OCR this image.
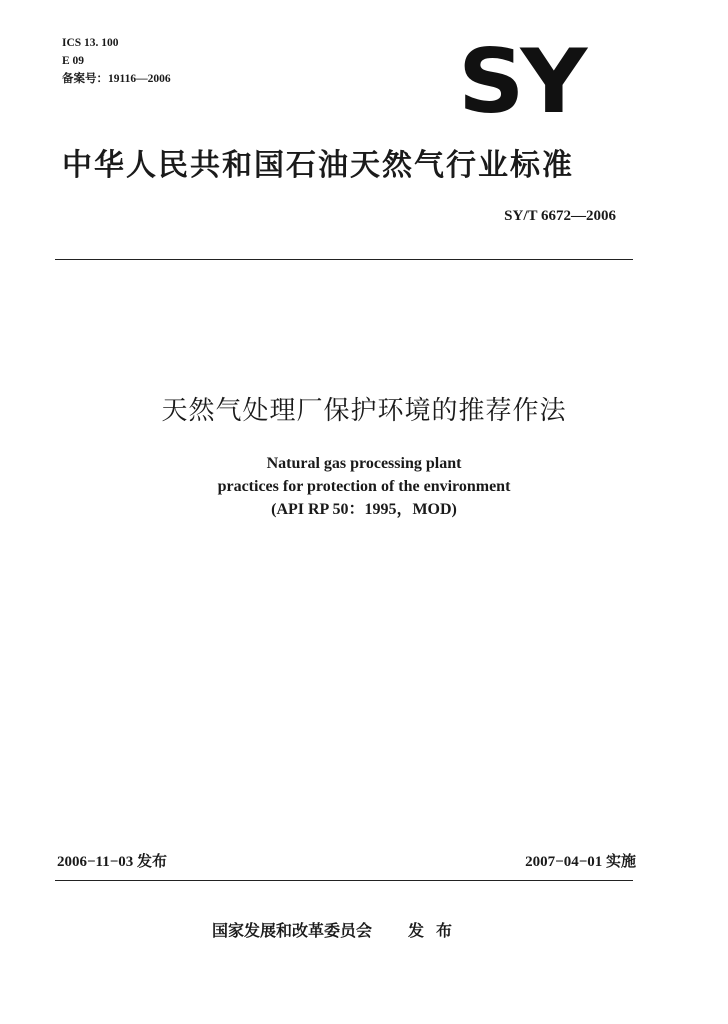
ICS 13. 100
E 09
备案号：19116—2006	SY
中华人民共和国石油天然气行业标准
SY/T 6672—2006
天然气处理厂保护环境的推荐作法
Natural gas processing plant
practices for protection of the environment
(API RP 50：1995，MOD)
2006−11−03 发布	2007−04−01 实施
国家发展和改革委员会 发布
